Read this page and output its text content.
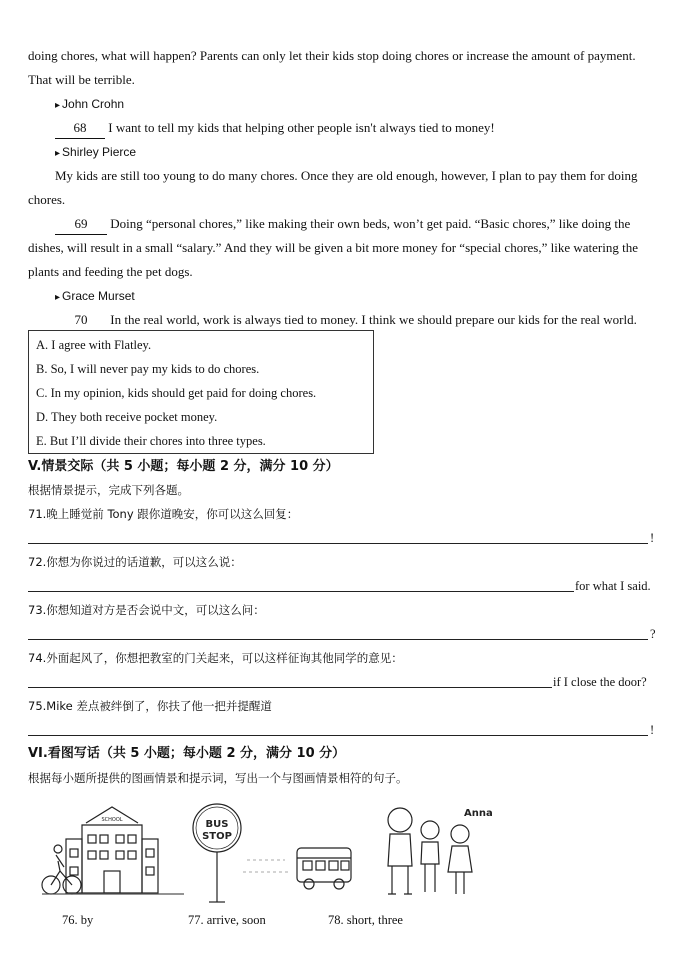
doing chores, what will happen? Parents can only let their kids stop doing chores or increase the amount of payment.
That will be terrible.
▸ John Crohn
68 I want to tell my kids that helping other people isn't always tied to money!
▸ Shirley Pierce
My kids are still too young to do many chores. Once they are old enough, however, I plan to pay them for doing
chores.
69 Doing “personal chores,” like making their own beds, won’t get paid. “Basic chores,” like doing the
dishes, will result in a small “salary.” And they will be given a bit more money for “special chores,” like watering the
plants and feeding the pet dogs.
▸ Grace Murset
70 In the real world, work is always tied to money. I think we should prepare our kids for the real world.
A. I agree with Flatley.
B. So, I will never pay my kids to do chores.
C. In my opinion, kids should get paid for doing chores.
D. They both receive pocket money.
E. But I’ll divide their chores into three types.
V.情景交际（共 5 小题；每小题 2 分，满分 10 分）
根据情景提示，完成下列各题。
71.晚上睡觉前 Tony 跟你道晚安，你可以这么回复：
!
72.你想为你说过的话道歉，可以这么说：
for what I said.
73.你想知道对方是否会说中文，可以这么问：
?
74.外面起风了，你想把教室的门关起来，可以这样征询其他同学的意见：
if I close the door?
75.Mike 差点被绊倒了，你扶了他一把并提醒道
!
VI.看图写话（共 5 小题；每小题 2 分，满分 10 分）
根据每小题所提供的图画情景和提示词，写出一个与图画情景相符的句子。
SCHOOL	BUS
STOP
Anna
76. by	77. arrive, soon	78. short, three
